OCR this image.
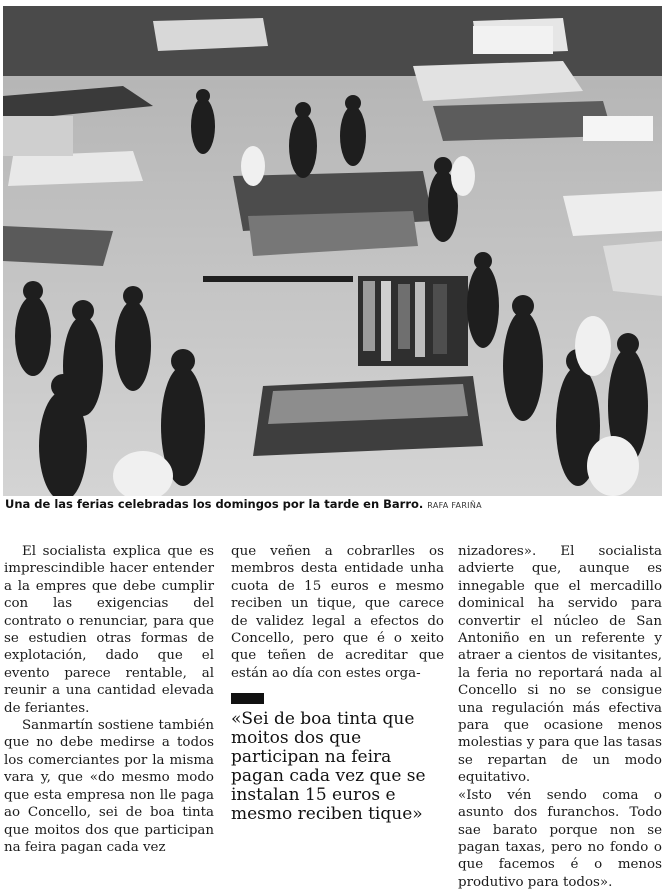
Una de las ferias celebradas los domingos por la tarde en Barro. RAFA FARIÑA

El socialista explica que es imprescindible hacer entender a la empres que debe cumplir con las exigencias del contrato o renunciar, para que se estudien otras formas de explotación, dado que el evento parece rentable, al reunir a una cantidad elevada de feriantes.

Sanmartín sostiene también que no debe medirse a todos los comerciantes por la misma vara y, que «do mesmo modo que esta empresa non lle paga ao Concello, sei de boa tinta que moitos dos que participan na feira pagan cada vez

que veñen a cobrarlles os membros desta entidade unha cuota de 15 euros e mesmo reciben un tique, que carece de validez legal a efectos do Concello, pero que é o xeito que teñen de acreditar que están ao día con estes orga-

«Sei de boa tinta que moitos dos que participan na feira pagan cada vez que se instalan 15 euros e mesmo reciben tique»

nizadores». El socialista advierte que, aunque es innegable que el mercadillo dominical ha servido para convertir el núcleo de San Antoniño en un referente y atraer a cientos de visitantes, la feria no reportará nada al Concello si no se consigue una regulación más efectiva para que ocasione menos molestias y para que las tasas se repartan de un modo equitativo.

«Isto vén sendo coma o asunto dos furanchos. Todo sae barato porque non se pagan taxas, pero no fondo o que facemos é o menos produtivo para todos».
